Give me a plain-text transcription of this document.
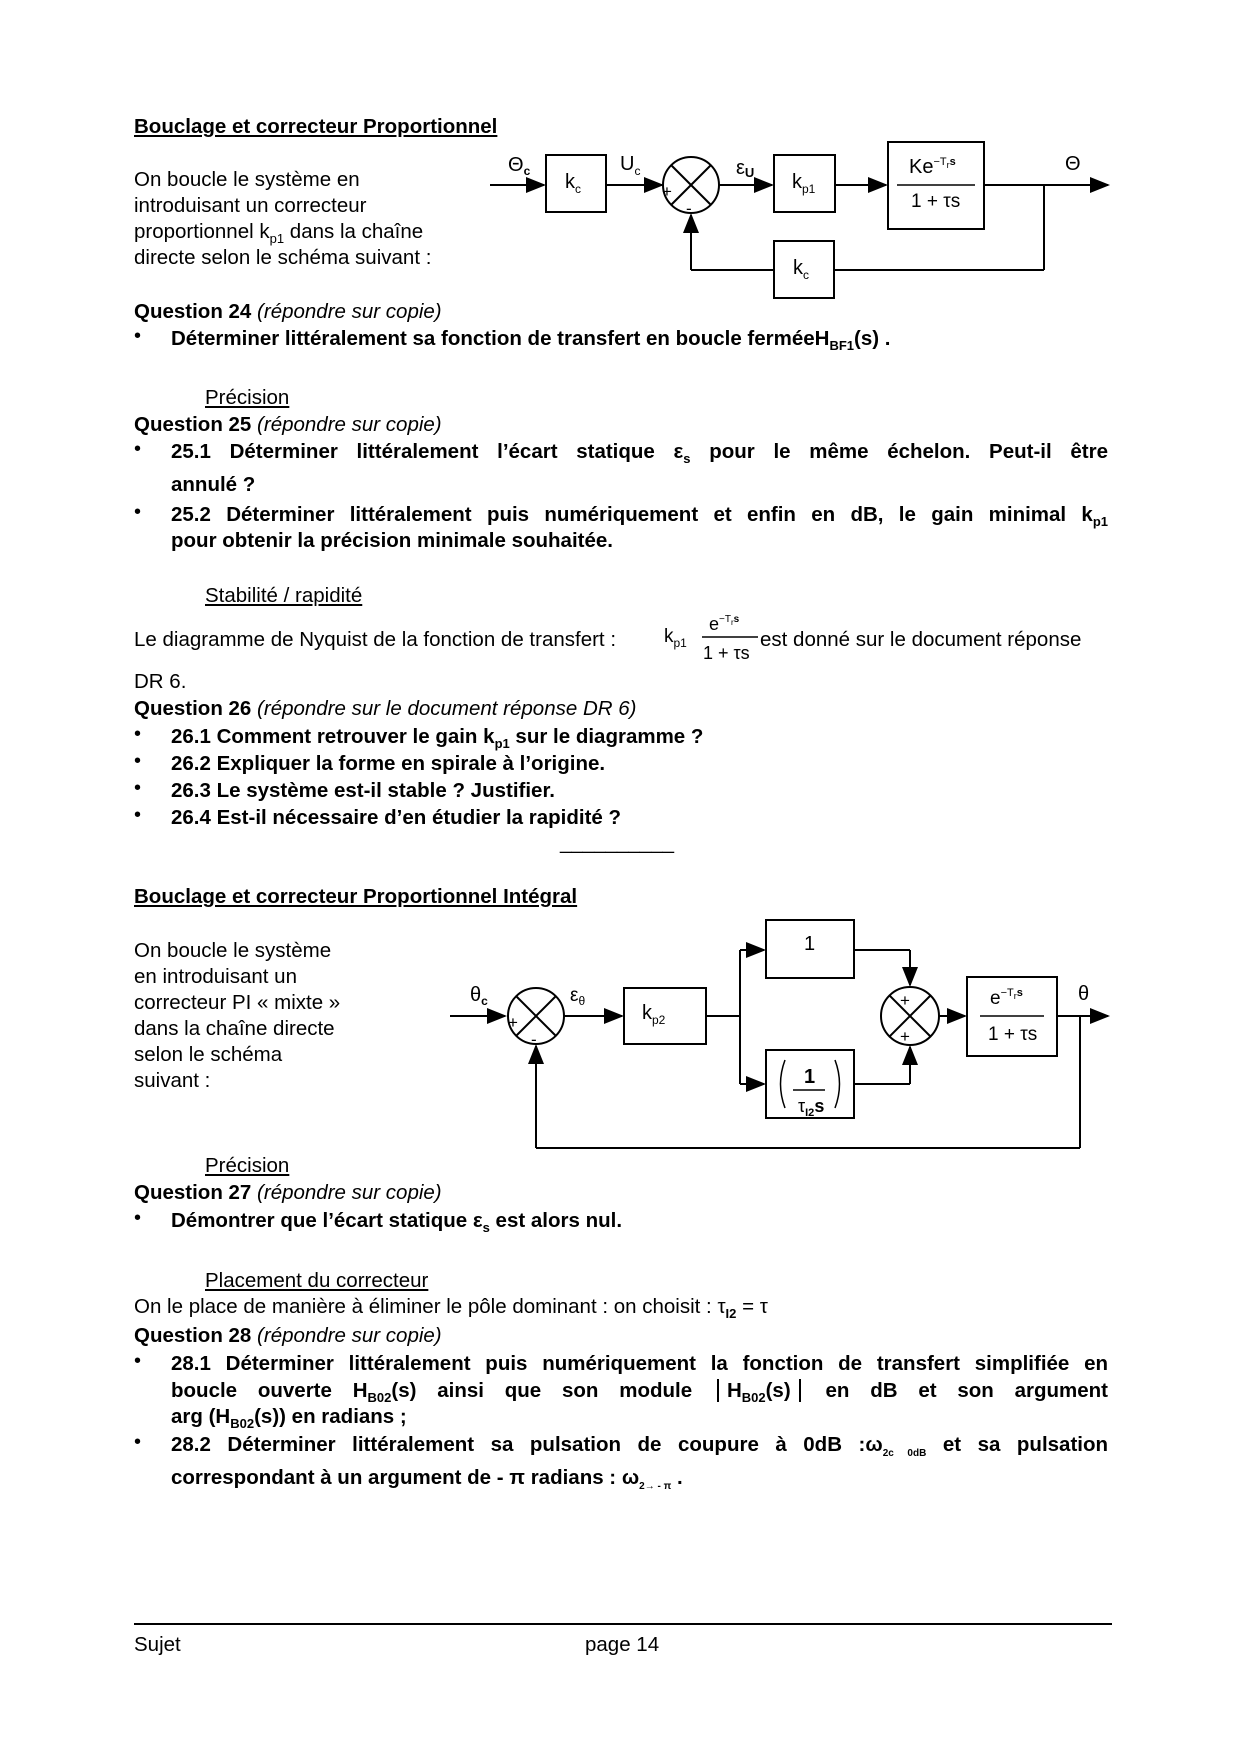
Bouclage et correcteur Proportionnel
On boucle le système en
introduisant un correcteur
proportionnel $k_{p1}$ dans la chaîne
directe selon le schéma suivant :
$\Theta_c$ $k_c$
$U_c$
+
-
εU $k_{p1}$
$Ke^{-T}rs$
1 + τs
Θ
$k_c$
Question 24 (répondre sur copie)
• Déterminer littéralement sa fonction de transfert en boucle ferméeH$_{BF1}$(s) .
Précision
Question 25 (répondre sur copie)
• 25.1 Déterminer littéralement l’écart statique $\varepsilon_s$ pour le même échelon. Peut-il être
annulé ?
• 25.2 Déterminer littéralement puis numériquement et enfin en dB, le gain minimal $k_{p1}$
pour obtenir la précision minimale souhaitée.
Stabilité / rapidité
Le diagramme de Nyquist de la fonction de transfert :	$k_{p1}$
$e^{-T}rs$
1 + τs
est donné sur le document réponse
DR 6.
Question 26 (répondre sur le document réponse DR 6)
• 26.1 Comment retrouver le gain $k_{p1}$ sur le diagramme ?
• 26.2 Expliquer la forme en spirale à l’origine.
• 26.3 Le système est-il stable ? Justifier.
• 26.4 Est-il nécessaire d’en étudier la rapidité ?
__________
Bouclage et correcteur Proportionnel Intégral
On boucle le système
en introduisant un
correcteur PI « mixte »
dans la chaîne directe
selon le schéma
suivant :
$\theta_c$
+
-
$\varepsilon_\theta$
$k_{p2}$
1
1
$\tau_{I2}s$
+
+
$e^{-T}rs$
1 + τs
θ
Précision
Question 27 (répondre sur copie)
• Démontrer que l’écart statique $\varepsilon_s$ est alors nul.
Placement du correcteur
On le place de manière à éliminer le pôle dominant : on choisit : $\tau_{I2} = \tau$
Question 28 (répondre sur copie)
• 28.1 Déterminer littéralement puis numériquement la fonction de transfert simplifiée en
boucle ouverte $H_{B02}(s)$ ainsi que son module $H_{B02}(s)$ en dB et son argument
arg $(H_{B02}(s))$ en radians ;
• 28.2 Déterminer littéralement sa pulsation de coupure à 0dB $:\omega_{2c 0dB}$ et sa pulsation
correspondant à un argument de - π radians : $\omega_{2\to - \pi}$ .
Sujet	page 14
